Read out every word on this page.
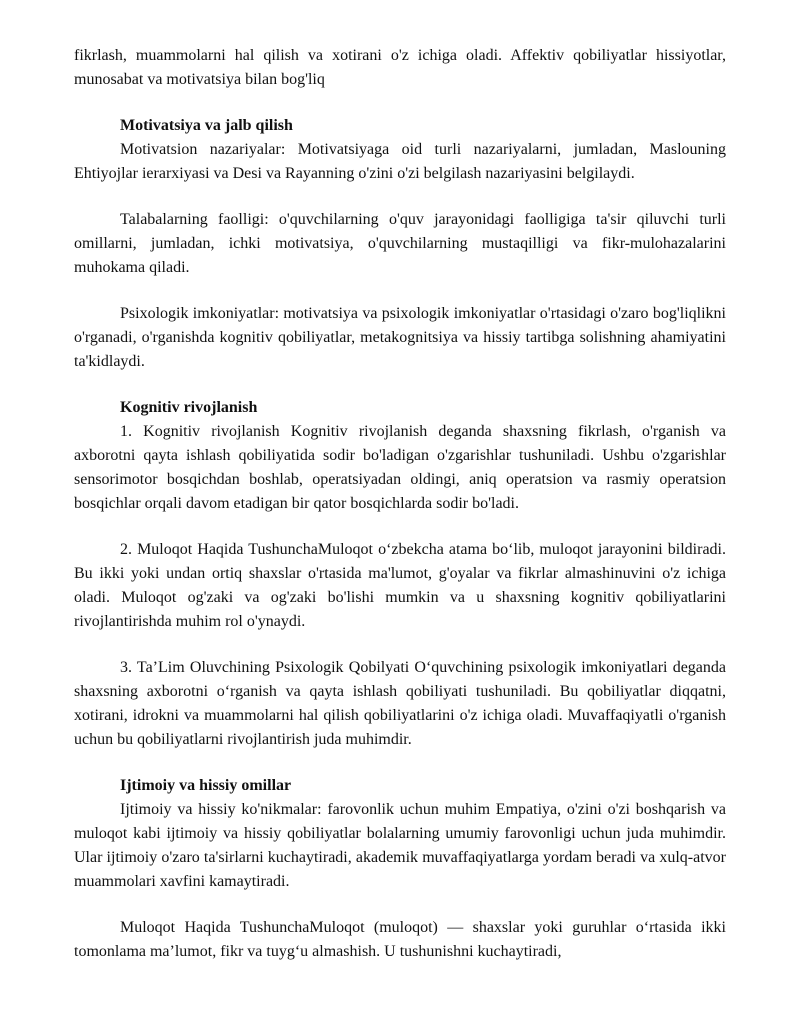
fikrlash, muammolarni hal qilish va xotirani o'z ichiga oladi. Affektiv qobiliyatlar hissiyotlar, munosabat va motivatsiya bilan bog'liq

Motivatsiya va jalb qilish

Motivatsion nazariyalar: Motivatsiyaga oid turli nazariyalarni, jumladan, Maslouning Ehtiyojlar ierarxiyasi va Desi va Rayanning o'zini o'zi belgilash nazariyasini belgilaydi.

Talabalarning faolligi: o'quvchilarning o'quv jarayonidagi faolligiga ta'sir qiluvchi turli omillarni, jumladan, ichki motivatsiya, o'quvchilarning mustaqilligi va fikr-mulohazalarini muhokama qiladi.

Psixologik imkoniyatlar: motivatsiya va psixologik imkoniyatlar o'rtasidagi o'zaro bog'liqlikni o'rganadi, o'rganishda kognitiv qobiliyatlar, metakognitsiya va hissiy tartibga solishning ahamiyatini ta'kidlaydi.

Kognitiv rivojlanish

1. Kognitiv rivojlanish Kognitiv rivojlanish deganda shaxsning fikrlash, o'rganish va axborotni qayta ishlash qobiliyatida sodir bo'ladigan o'zgarishlar tushuniladi. Ushbu o'zgarishlar sensorimotor bosqichdan boshlab, operatsiyadan oldingi, aniq operatsion va rasmiy operatsion bosqichlar orqali davom etadigan bir qator bosqichlarda sodir bo'ladi.

2. Muloqot Haqida TushunchaMuloqot o‘zbekcha atama bo‘lib, muloqot jarayonini bildiradi. Bu ikki yoki undan ortiq shaxslar o'rtasida ma'lumot, g'oyalar va fikrlar almashinuvini o'z ichiga oladi. Muloqot og'zaki va og'zaki bo'lishi mumkin va u shaxsning kognitiv qobiliyatlarini rivojlantirishda muhim rol o'ynaydi.

3. Ta’Lim Oluvchining Psixologik Qobilyati O‘quvchining psixologik imkoniyatlari deganda shaxsning axborotni o‘rganish va qayta ishlash qobiliyati tushuniladi. Bu qobiliyatlar diqqatni, xotirani, idrokni va muammolarni hal qilish qobiliyatlarini o'z ichiga oladi. Muvaffaqiyatli o'rganish uchun bu qobiliyatlarni rivojlantirish juda muhimdir.

Ijtimoiy va hissiy omillar

Ijtimoiy va hissiy ko'nikmalar: farovonlik uchun muhim Empatiya, o'zini o'zi boshqarish va muloqot kabi ijtimoiy va hissiy qobiliyatlar bolalarning umumiy farovonligi uchun juda muhimdir. Ular ijtimoiy o'zaro ta'sirlarni kuchaytiradi, akademik muvaffaqiyatlarga yordam beradi va xulq-atvor muammolari xavfini kamaytiradi.

Muloqot Haqida TushunchaMuloqot (muloqot) — shaxslar yoki guruhlar o‘rtasida ikki tomonlama ma’lumot, fikr va tuyg‘u almashish. U tushunishni kuchaytiradi,
